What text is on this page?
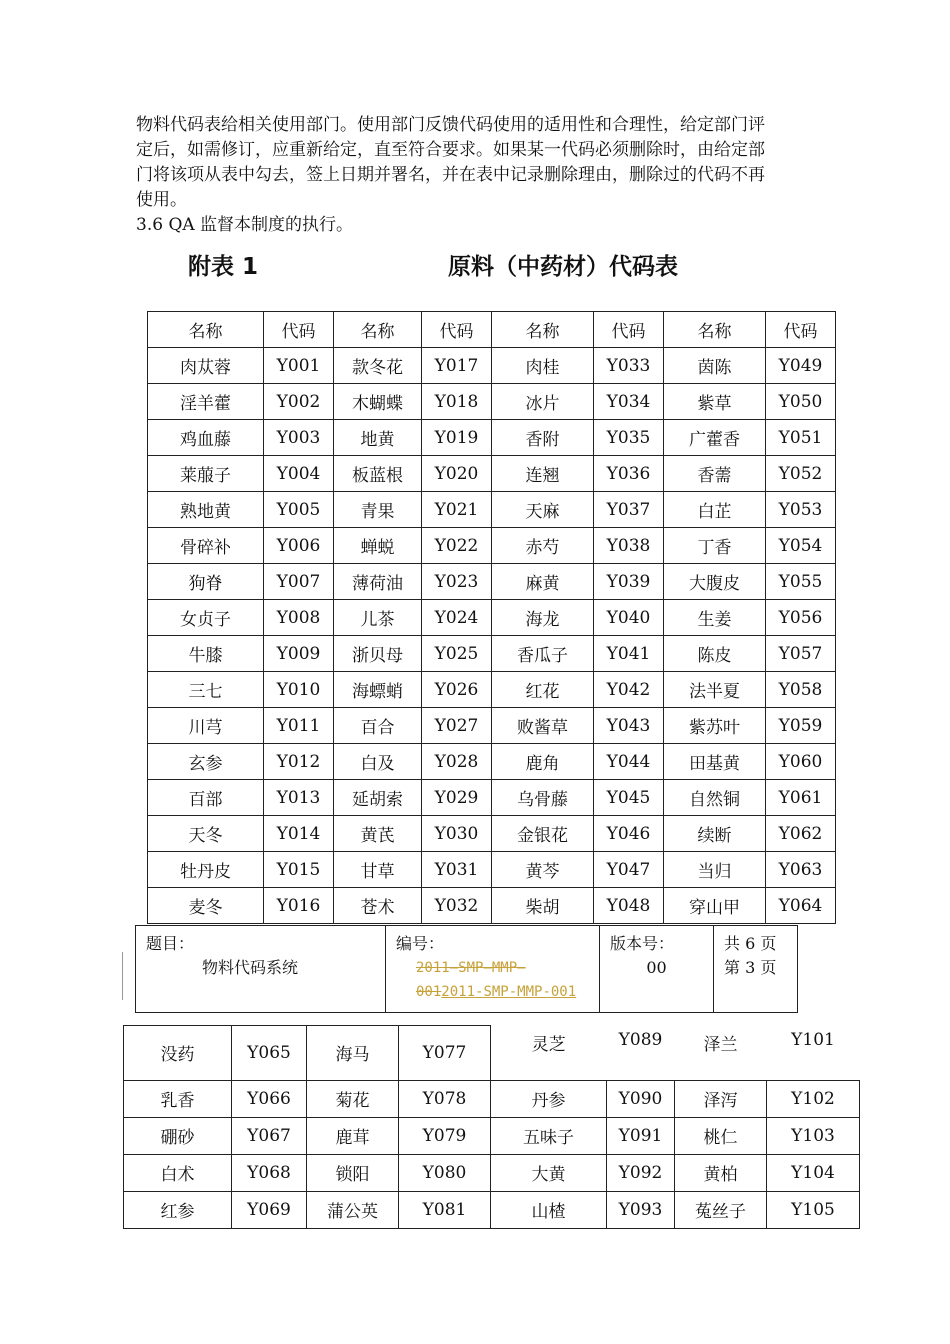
物料代码表给相关使用部门。使用部门反馈代码使用的适用性和合理性，给定部门评

定后，如需修订，应重新给定，直至符合要求。如果某一代码必须删除时，由给定部

门将该项从表中勾去，签上日期并署名，并在表中记录删除理由，删除过的代码不再

使用。

3.6 QA 监督本制度的执行。

附表 1	原料（中药材）代码表
名称	代码	名称	代码	名称	代码	名称	代码
肉苁蓉	Y001	款冬花	Y017	肉桂	Y033	茵陈	Y049
淫羊藿	Y002	木蝴蝶	Y018	冰片	Y034	紫草	Y050
鸡血藤	Y003	地黄	Y019	香附	Y035	广藿香	Y051
莱菔子	Y004	板蓝根	Y020	连翘	Y036	香薷	Y052
熟地黄	Y005	青果	Y021	天麻	Y037	白芷	Y053
骨碎补	Y006	蝉蜕	Y022	赤芍	Y038	丁香	Y054
狗脊	Y007	薄荷油	Y023	麻黄	Y039	大腹皮	Y055
女贞子	Y008	儿茶	Y024	海龙	Y040	生姜	Y056
牛膝	Y009	浙贝母	Y025	香瓜子	Y041	陈皮	Y057
三七	Y010	海螵蛸	Y026	红花	Y042	法半夏	Y058
川芎	Y011	百合	Y027	败酱草	Y043	紫苏叶	Y059
玄参	Y012	白及	Y028	鹿角	Y044	田基黄	Y060
百部	Y013	延胡索	Y029	乌骨藤	Y045	自然铜	Y061
天冬	Y014	黄芪	Y030	金银花	Y046	续断	Y062
牡丹皮	Y015	甘草	Y031	黄芩	Y047	当归	Y063
麦冬	Y016	苍术	Y032	柴胡	Y048	穿山甲	Y064
题目：
物料代码系统

编号：
2011—SMP—MMP—0012011-SMP-MMP-001

版本号：
00

共 6 页
第 3 页
没药	Y065	海马	Y077	灵芝	Y089	泽兰	Y101
乳香	Y066	菊花	Y078	丹参	Y090	泽泻	Y102
硼砂	Y067	鹿茸	Y079	五味子	Y091	桃仁	Y103
白术	Y068	锁阳	Y080	大黄	Y092	黄柏	Y104
红参	Y069	蒲公英	Y081	山楂	Y093	菟丝子	Y105
